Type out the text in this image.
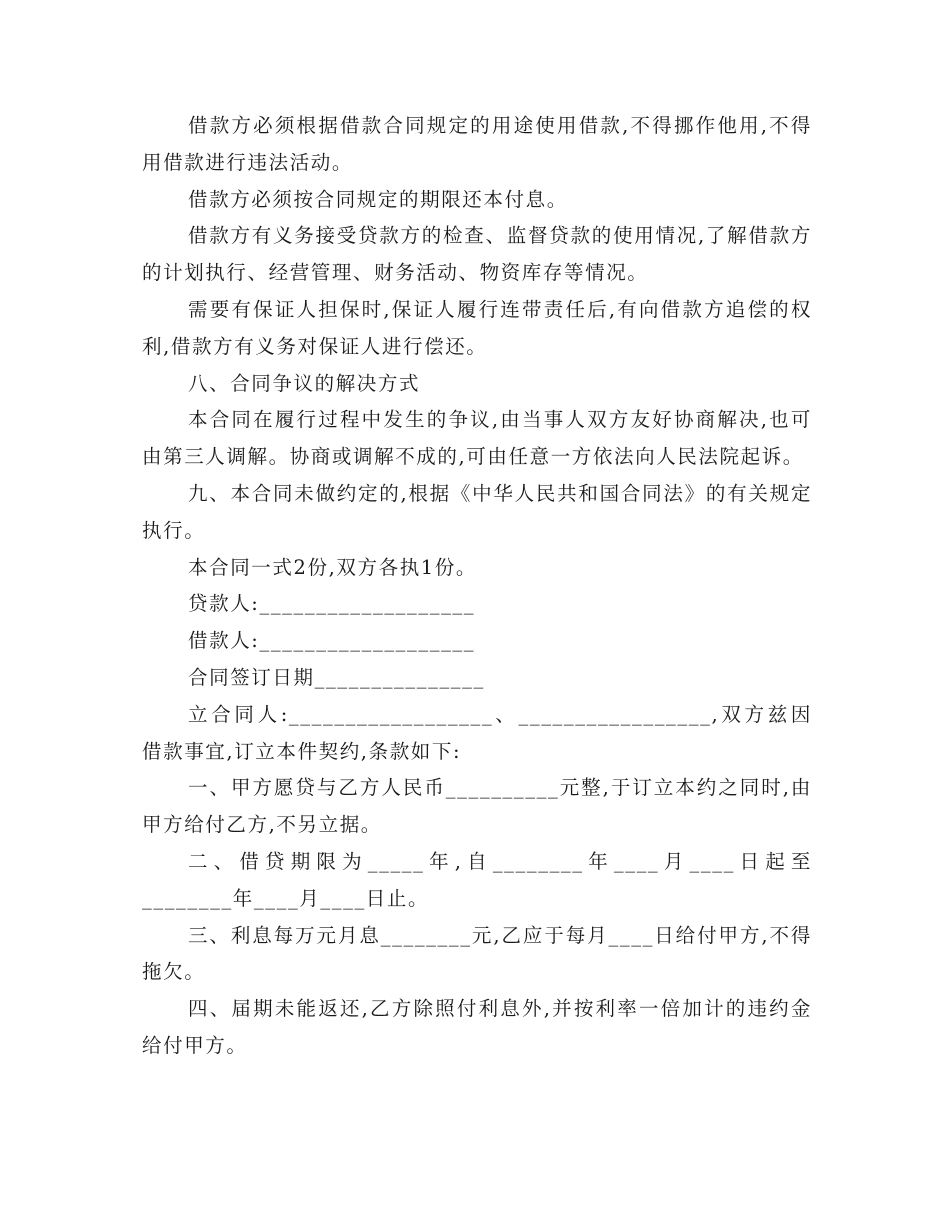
借款方必须根据借款合同规定的用途使用借款,不得挪作他用,不得用借款进行违法活动。

借款方必须按合同规定的期限还本付息。

借款方有义务接受贷款方的检查、监督贷款的使用情况,了解借款方的计划执行、经营管理、财务活动、物资库存等情况。

需要有保证人担保时,保证人履行连带责任后,有向借款方追偿的权利,借款方有义务对保证人进行偿还。

八、合同争议的解决方式

本合同在履行过程中发生的争议,由当事人双方友好协商解决,也可由第三人调解。协商或调解不成的,可由任意一方依法向人民法院起诉。

九、本合同未做约定的,根据《中华人民共和国合同法》的有关规定执行。

本合同一式2份,双方各执1份。

贷款人:___________________

借款人:___________________

合同签订日期_______________

立合同人:__________________、_________________,双方兹因借款事宜,订立本件契约,条款如下:

一、甲方愿贷与乙方人民币__________元整,于订立本约之同时,由甲方给付乙方,不另立据。

二、借贷期限为_____年,自________年____月____日起至________年____月____日止。

三、利息每万元月息________元,乙应于每月____日给付甲方,不得拖欠。

四、届期未能返还,乙方除照付利息外,并按利率一倍加计的违约金给付甲方。
